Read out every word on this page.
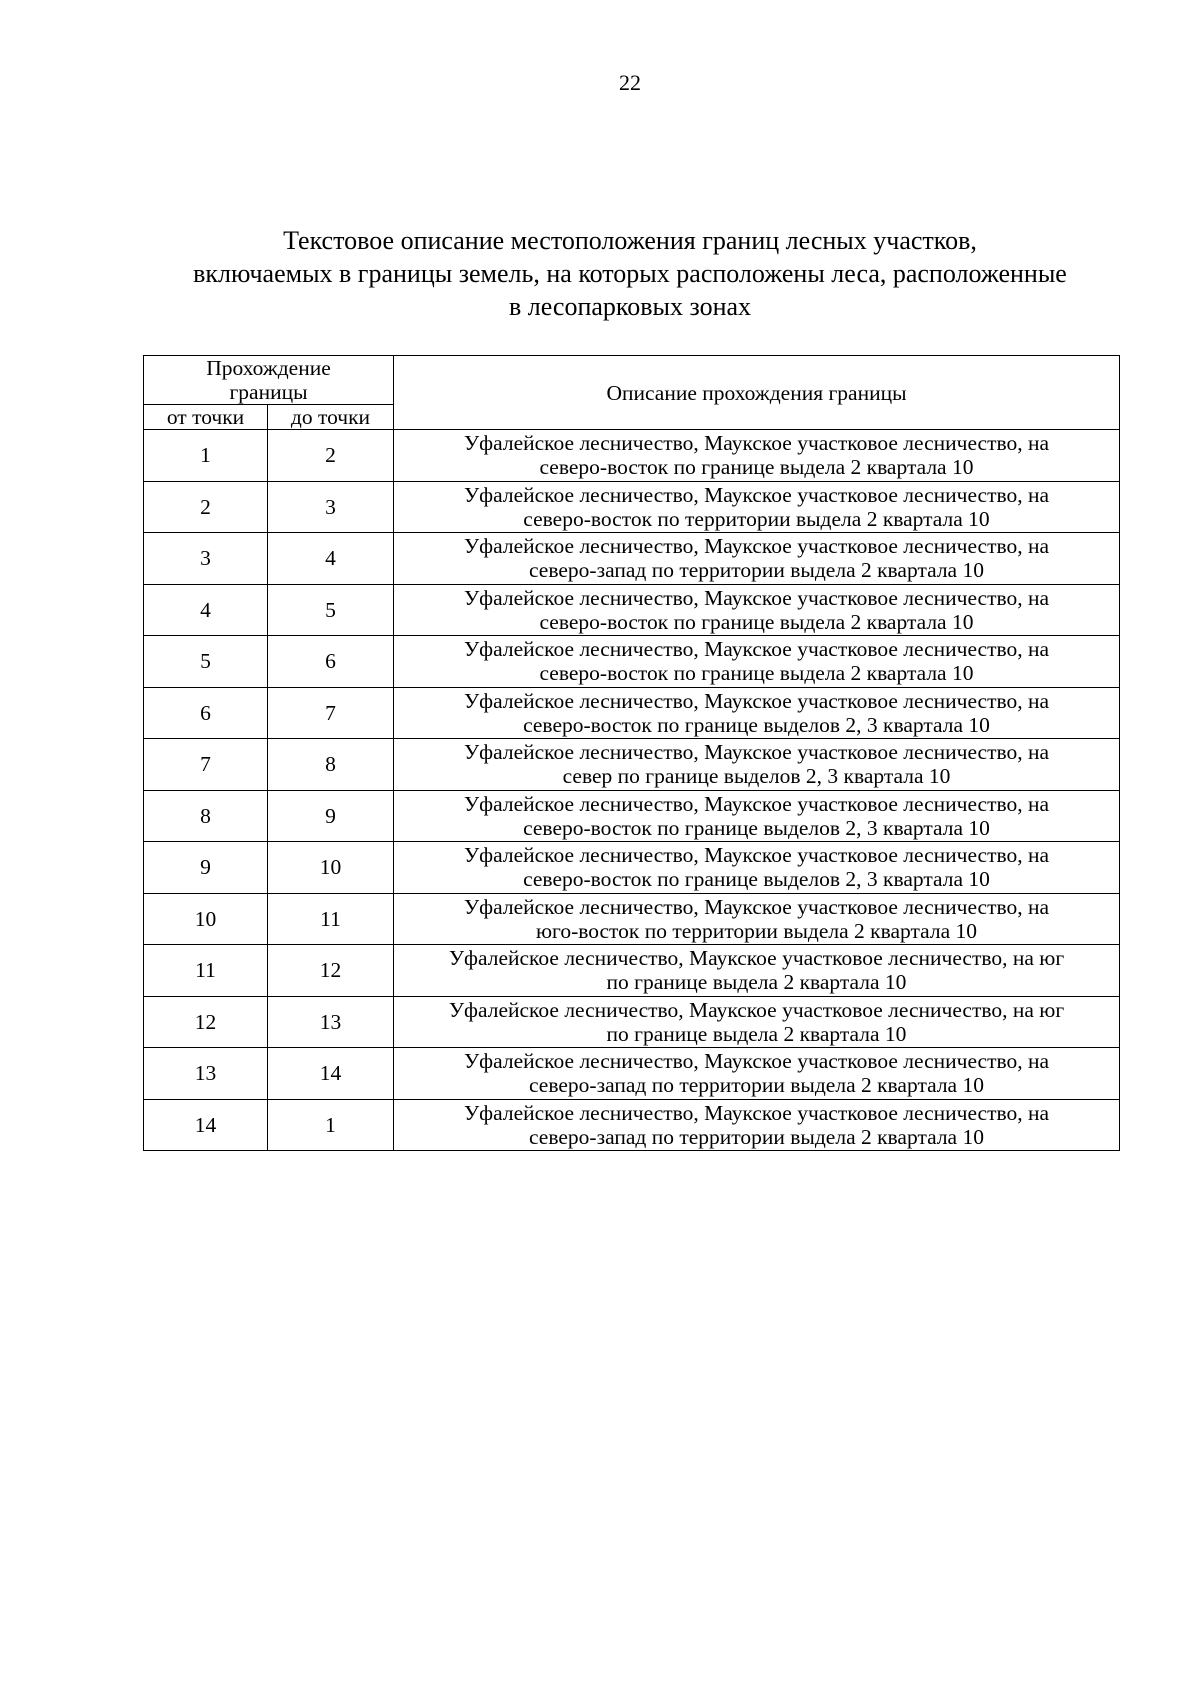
22
Текстовое описание местоположения границ лесных участков,
включаемых в границы земель, на которых расположены леса, расположенные
в лесопарковых зонах
Прохождение
границы		Описание прохождения границы
от точки	до точки	
1	2	Уфалейское лесничество, Маукское участковое лесничество, на
северо-восток по границе выдела 2 квартала 10

2	3	Уфалейское лесничество, Маукское участковое лесничество, на
северо-восток по территории выдела 2 квартала 10

3	4	Уфалейское лесничество, Маукское участковое лесничество, на
северо-запад по территории выдела 2 квартала 10

4	5	Уфалейское лесничество, Маукское участковое лесничество, на
северо-восток по границе выдела 2 квартала 10

5	6	Уфалейское лесничество, Маукское участковое лесничество, на
северо-восток по границе выдела 2 квартала 10

6	7	Уфалейское лесничество, Маукское участковое лесничество, на
северо-восток по границе выделов 2, 3 квартала 10

7	8	Уфалейское лесничество, Маукское участковое лесничество, на
север по границе выделов 2, 3 квартала 10

8	9	Уфалейское лесничество, Маукское участковое лесничество, на
северо-восток по границе выделов 2, 3 квартала 10

9	10	Уфалейское лесничество, Маукское участковое лесничество, на
северо-восток по границе выделов 2, 3 квартала 10

10	11	Уфалейское лесничество, Маукское участковое лесничество, на
юго-восток по территории выдела 2 квартала 10

11	12	Уфалейское лесничество, Маукское участковое лесничество, на юг
по границе выдела 2 квартала 10

12	13	Уфалейское лесничество, Маукское участковое лесничество, на юг
по границе выдела 2 квартала 10

13	14	Уфалейское лесничество, Маукское участковое лесничество, на
северо-запад по территории выдела 2 квартала 10

14	1	Уфалейское лесничество, Маукское участковое лесничество, на
северо-запад по территории выдела 2 квартала 10
